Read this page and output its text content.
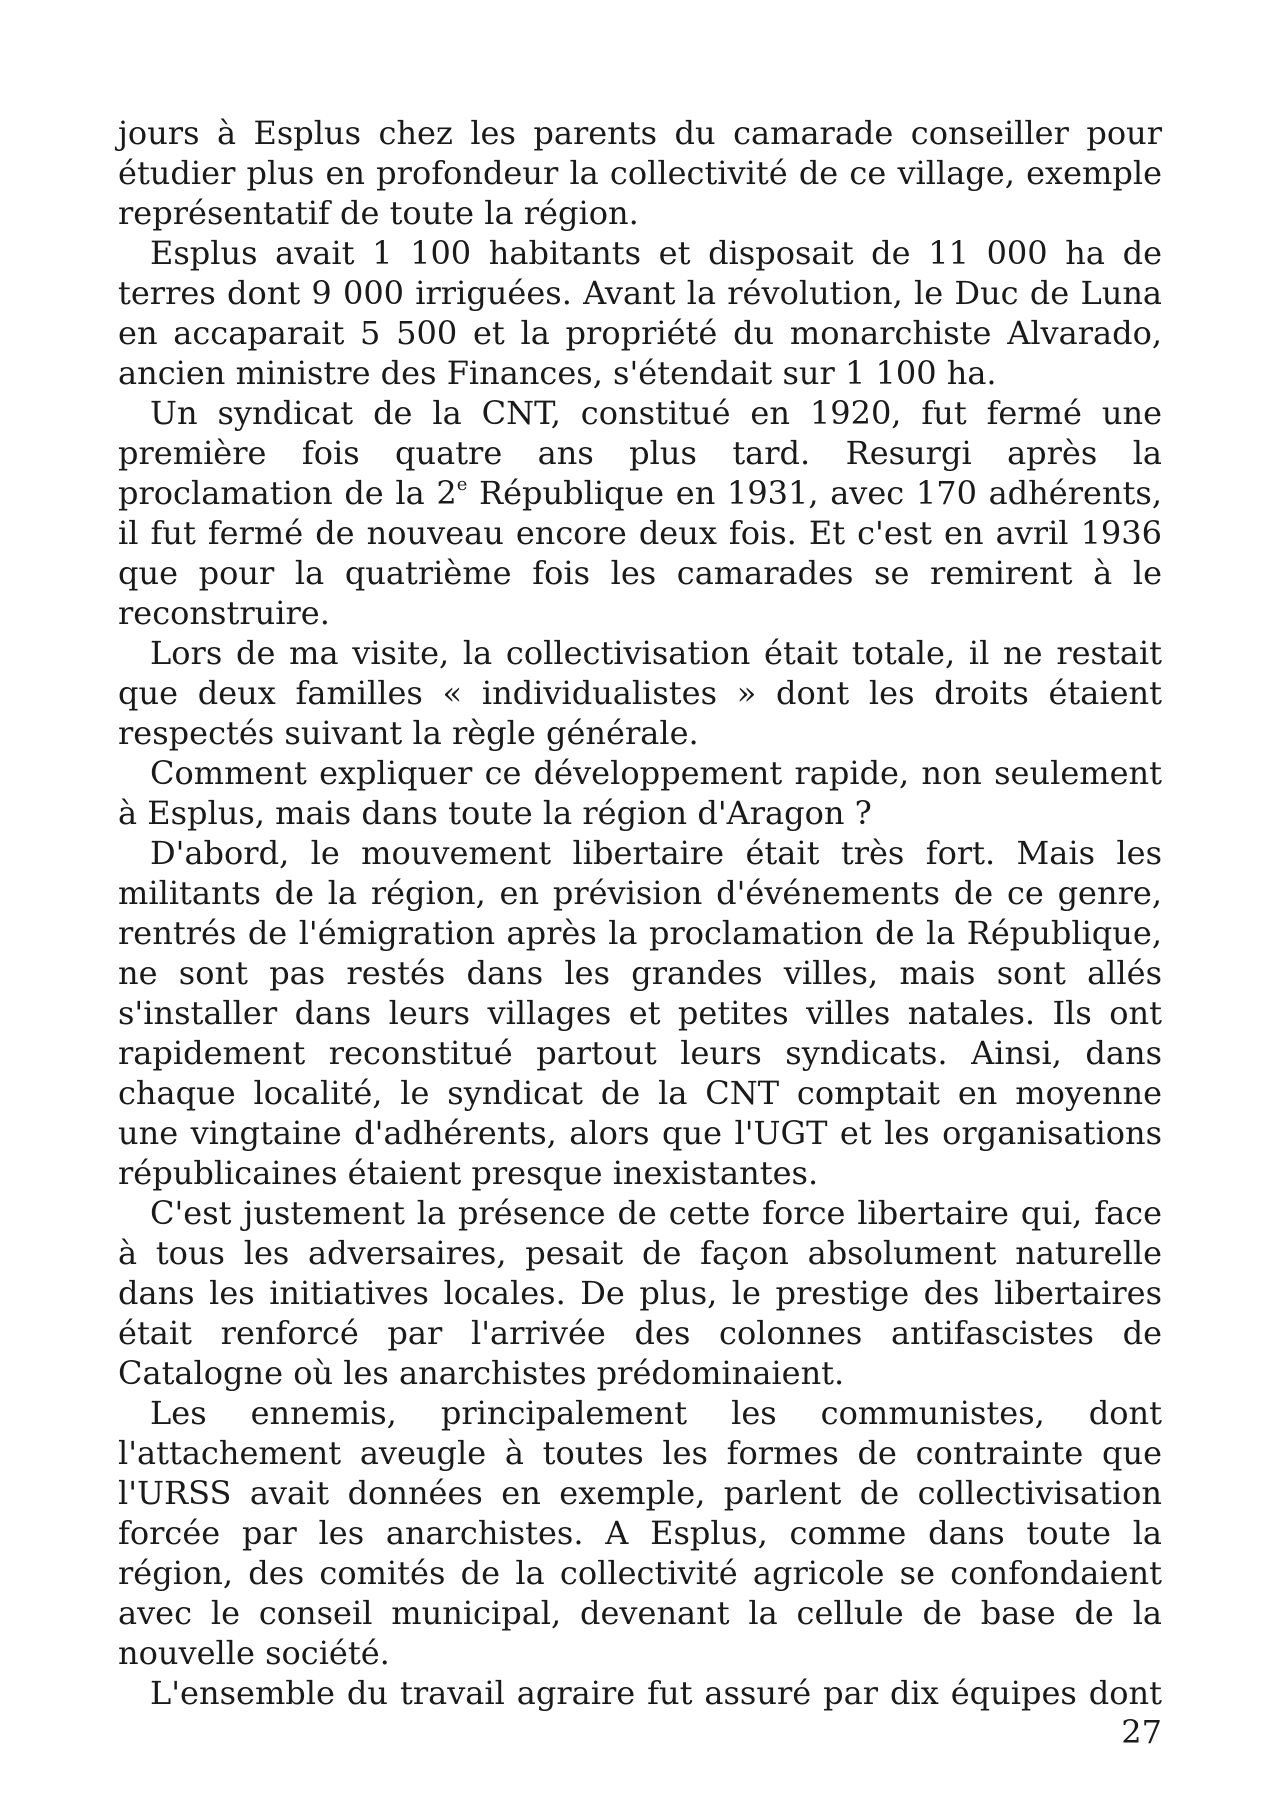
jours à Esplus chez les parents du camarade conseiller pour étudier plus en profondeur la collectivité de ce village, exemple représentatif de toute la région.

Esplus avait 1 100 habitants et disposait de 11 000 ha de terres dont 9 000 irriguées. Avant la révolution, le Duc de Luna en accaparait 5 500 et la propriété du monarchiste Alvarado, ancien ministre des Finances, s'étendait sur 1 100 ha.

Un syndicat de la CNT, constitué en 1920, fut fermé une première fois quatre ans plus tard. Resurgi après la proclamation de la 2e République en 1931, avec 170 adhérents, il fut fermé de nouveau encore deux fois. Et c'est en avril 1936 que pour la quatrième fois les camarades se remirent à le reconstruire.

Lors de ma visite, la collectivisation était totale, il ne restait que deux familles « individualistes » dont les droits étaient respectés suivant la règle générale.

Comment expliquer ce développement rapide, non seulement à Esplus, mais dans toute la région d'Aragon ?

D'abord, le mouvement libertaire était très fort. Mais les militants de la région, en prévision d'événements de ce genre, rentrés de l'émigration après la proclamation de la République, ne sont pas restés dans les grandes villes, mais sont allés s'installer dans leurs villages et petites villes natales. Ils ont rapidement reconstitué partout leurs syndicats. Ainsi, dans chaque localité, le syndicat de la CNT comptait en moyenne une vingtaine d'adhérents, alors que l'UGT et les organisations républicaines étaient presque inexistantes.

C'est justement la présence de cette force libertaire qui, face à tous les adversaires, pesait de façon absolument naturelle dans les initiatives locales. De plus, le prestige des libertaires était renforcé par l'arrivée des colonnes antifascistes de Catalogne où les anarchistes prédominaient.

Les ennemis, principalement les communistes, dont l'attachement aveugle à toutes les formes de contrainte que l'URSS avait données en exemple, parlent de collectivisation forcée par les anarchistes. A Esplus, comme dans toute la région, des comités de la collectivité agricole se confondaient avec le conseil municipal, devenant la cellule de base de la nouvelle société.

L'ensemble du travail agraire fut assuré par dix équipes dont

27
